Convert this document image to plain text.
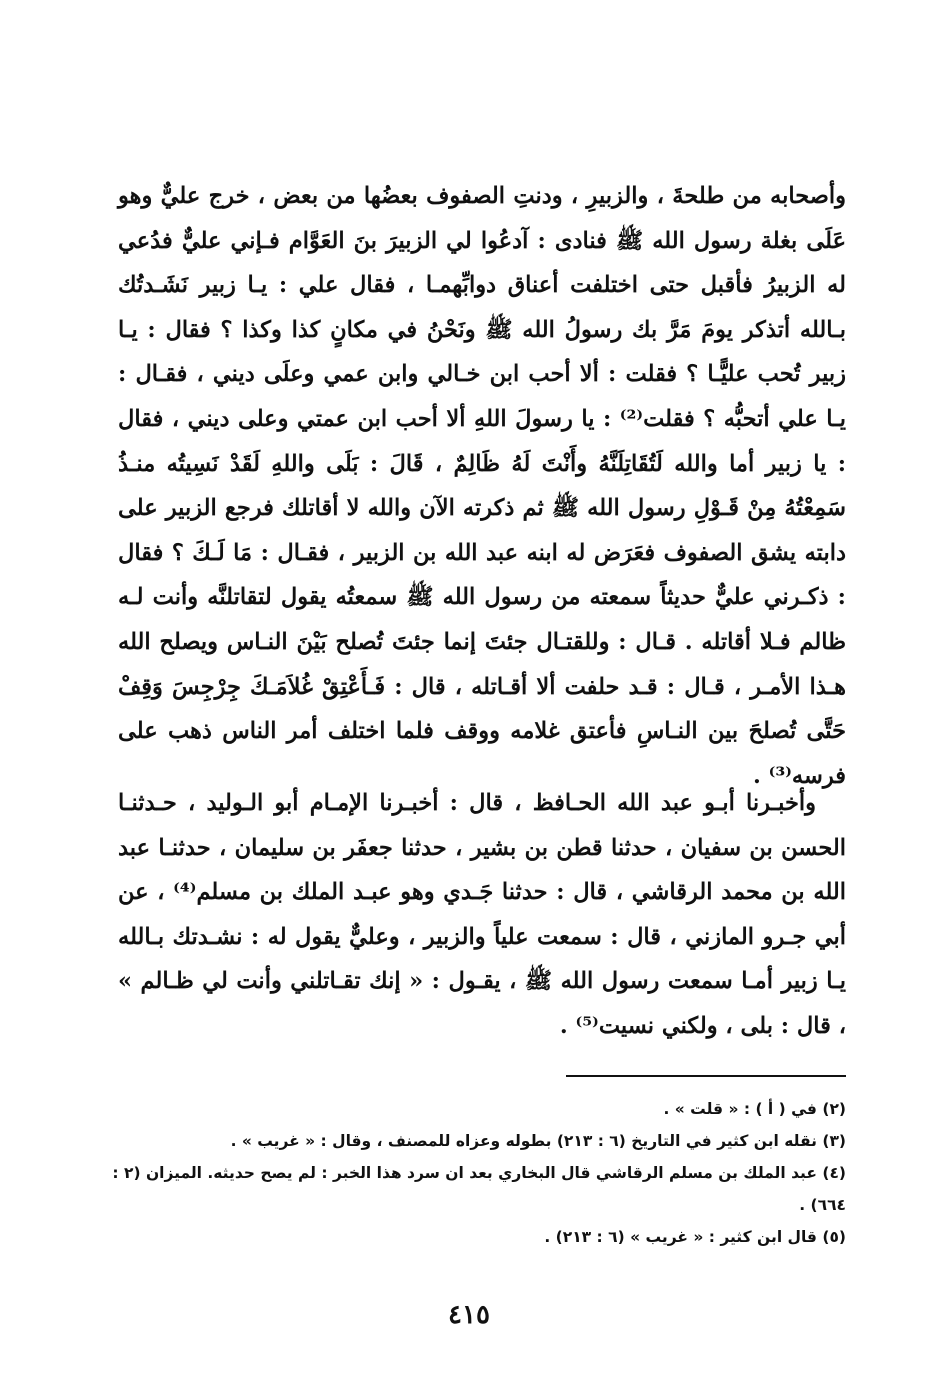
وأصحابه من طلحةَ ، والزبيرِ ، ودنتِ الصفوف بعضُها من بعض ، خرج عليٌّ وهو عَلَى بغلة رسول الله ﷺ فنادى : آدعُوا لي الزبيرَ بنَ العَوَّام فـإني عليٌّ فدُعي له الزبيرُ فأقبل حتى اختلفت أعناق دوابِّهمـا ، فقال علي : يـا زبير نَشَـدتُك بـالله أتذكر يومَ مَرَّ بك رسولُ الله ﷺ ونَحْنُ في مكانٍ كذا وكذا ؟ فقال : يـا زبير تُحب عليًّـا ؟ فقلت : ألا أحب ابن خـالي وابن عمي وعلَى ديني ، فقـال : يـا علي أتحبُّه ؟ فقلت⁽²⁾ : يا رسولَ اللهِ ألا أحب ابن عمتي وعلى ديني ، فقال : يا زبير أما والله لَتُقَاتِلَنَّهُ وأَنْتَ لَهُ ظَالِمٌ ، قَالَ : بَلَى واللهِ لَقَدْ نَسِيتُه منـذُ سَمِعْتُهُ مِنْ قَـوْلِ رسول الله ﷺ ثم ذكرته الآن والله لا أقاتلك فرجع الزبير على دابته يشق الصفوف فعَرَض له ابنه عبد الله بن الزبير ، فقـال : مَا لَـكَ ؟ فقال : ذكـرني عليٌّ حديثاً سمعته من رسول الله ﷺ سمعتُه يقول لتقاتلنَّه وأنت لـه ظالم فـلا أقاتله . قـال : وللقتـال جئتَ إنما جئتَ تُصلح بَيْنَ النـاس ويصلح الله هـذا الأمـر ، قـال : قـد حلفت ألا أقـاتله ، قال : فَـأَعْتِقْ غُلاَمَـكَ جِرْجِسَ وَقِفْ حَتَّى تُصلحَ بين النـاسِ فأعتق غلامه ووقف فلما اختلف أمر الناس ذهب على فرسه⁽³⁾ .

وأخبـرنا أبـو عبد الله الحـافظ ، قال : أخبـرنا الإمـام أبو الـوليد ، حـدثنـا الحسن بن سفيان ، حدثنا قطن بن بشير ، حدثنا جعفَر بن سليمان ، حدثنـا عبد الله بن محمد الرقاشي ، قال : حدثنا جَـدي وهو عبـد الملك بن مسلم⁽⁴⁾ ، عن أبي جـرو المازني ، قال : سمعت علياً والزبير ، وعليٌّ يقول له : نشـدتك بـالله يـا زبير أمـا سمعت رسول الله ﷺ ، يقـول : « إنك تقـاتلني وأنت لي ظـالم » ، قال : بلى ، ولكني نسيت⁽⁵⁾ .

(٢) في ( أ ) : « قلت » .

(٣) نقله ابن كثير في التاريخ (٦ : ٢١٣) بطوله وعزاه للمصنف ، وقال : « غريب » .

(٤) عبد الملك بن مسلم الرقاشي قال البخاري بعد ان سرد هذا الخبر : لم يصح حديثه. الميزان (٢ : ٦٦٤) .

(٥) قال ابن كثير : « غريب » (٦ : ٢١٣) .

٤١٥
